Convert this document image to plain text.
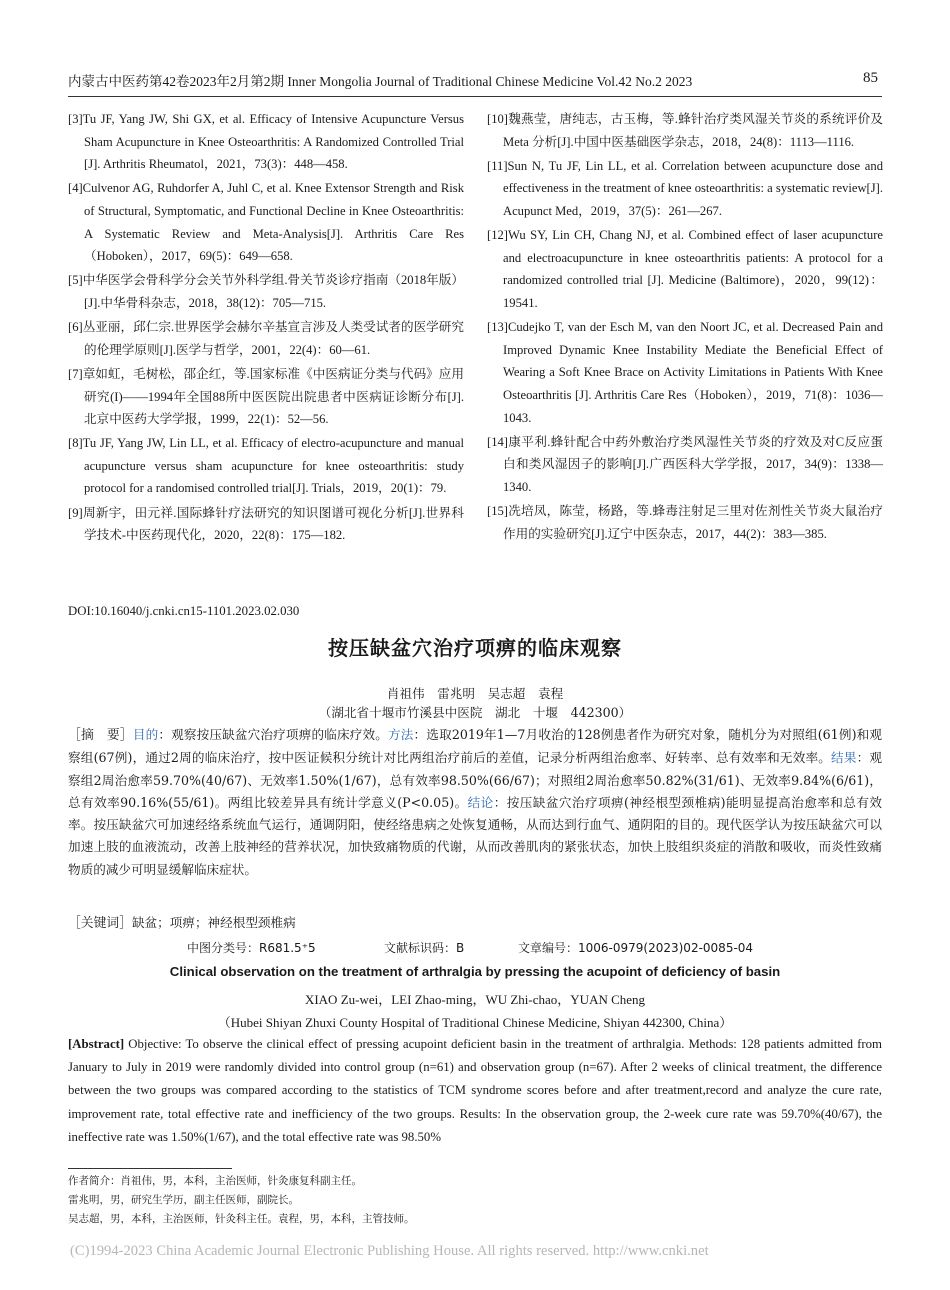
内蒙古中医药第42卷2023年2月第2期 Inner Mongolia Journal of Traditional Chinese Medicine Vol.42 No.2 2023	85

[3]Tu JF, Yang JW, Shi GX, et al. Efficacy of Intensive Acupuncture Versus Sham Acupuncture in Knee Osteoarthritis: A Randomized Controlled Trial [J]. Arthritis Rheumatol，2021，73(3)：448—458.

[4]Culvenor AG, Ruhdorfer A, Juhl C, et al. Knee Extensor Strength and Risk of Structural, Symptomatic, and Functional Decline in Knee Osteoarthritis: A Systematic Review and Meta-Analysis[J]. Arthritis Care Res（Hoboken），2017，69(5)：649—658.

[5]中华医学会骨科学分会关节外科学组.骨关节炎诊疗指南（2018年版）[J].中华骨科杂志，2018，38(12)：705—715.

[6]丛亚丽，邱仁宗.世界医学会赫尔辛基宣言涉及人类受试者的医学研究的伦理学原则[J].医学与哲学，2001，22(4)：60—61.

[7]章如虹，毛树松，邵企红，等.国家标准《中医病证分类与代码》应用研究(I)——1994年全国88所中医医院出院患者中医病证诊断分布[J].北京中医药大学学报，1999，22(1)：52—56.

[8]Tu JF, Yang JW, Lin LL, et al. Efficacy of electro-acupuncture and manual acupuncture versus sham acupuncture for knee osteoarthritis: study protocol for a randomised controlled trial[J]. Trials，2019，20(1)：79.

[9]周新宇，田元祥.国际蜂针疗法研究的知识图谱可视化分析[J].世界科学技术-中医药现代化，2020，22(8)：175—182.

[10]魏燕莹，唐纯志，古玉梅，等.蜂针治疗类风湿关节炎的系统评价及 Meta 分析[J].中国中医基础医学杂志，2018，24(8)：1113—1116.

[11]Sun N, Tu JF, Lin LL, et al. Correlation between acupuncture dose and effectiveness in the treatment of knee osteoarthritis: a systematic review[J]. Acupunct Med，2019，37(5)：261—267.

[12]Wu SY, Lin CH, Chang NJ, et al. Combined effect of laser acupuncture and electroacupuncture in knee osteoarthritis patients: A protocol for a randomized controlled trial [J]. Medicine (Baltimore)，2020，99(12)：19541.

[13]Cudejko T, van der Esch M, van den Noort JC, et al. Decreased Pain and Improved Dynamic Knee Instability Mediate the Beneficial Effect of Wearing a Soft Knee Brace on Activity Limitations in Patients With Knee Osteoarthritis [J]. Arthritis Care Res（Hoboken），2019，71(8)：1036—1043.

[14]康平利.蜂针配合中药外敷治疗类风湿性关节炎的疗效及对C反应蛋白和类风湿因子的影响[J].广西医科大学学报，2017，34(9)：1338—1340.

[15]冼培凤，陈莹，杨路，等.蜂毒注射足三里对佐剂性关节炎大鼠治疗作用的实验研究[J].辽宁中医杂志，2017，44(2)：383—385.

DOI:10.16040/j.cnki.cn15-1101.2023.02.030
按压缺盆穴治疗项痹的临床观察
肖祖伟　雷兆明　吴志超　袁程
（湖北省十堰市竹溪县中医院　湖北　十堰　442300）
［摘　要］目的：观察按压缺盆穴治疗项痹的临床疗效。方法：选取2019年1—7月收治的128例患者作为研究对象，随机分为对照组(61例)和观察组(67例)，通过2周的临床治疗，按中医证候积分统计对比两组治疗前后的差值，记录分析两组治愈率、好转率、总有效率和无效率。结果：观察组2周治愈率59.70%(40/67)、无效率1.50%(1/67)，总有效率98.50%(66/67)；对照组2周治愈率50.82%(31/61)、无效率9.84%(6/61)，总有效率90.16%(55/61)。两组比较差异具有统计学意义(P<0.05)。结论：按压缺盆穴治疗项痹(神经根型颈椎病)能明显提高治愈率和总有效率。按压缺盆穴可加速经络系统血气运行，通调阴阳，使经络患病之处恢复通畅，从而达到行血气、通阴阳的目的。现代医学认为按压缺盆穴可以加速上肢的血液流动，改善上肢神经的营养状况，加快致痛物质的代谢，从而改善肌肉的紧张状态，加快上肢组织炎症的消散和吸收，而炎性致痛物质的减少可明显缓解临床症状。
［关键词］缺盆；项痹；神经根型颈椎病
中图分类号：R681.5⁺5	文献标识码：B	文章编号：1006-0979(2023)02-0085-04
Clinical observation on the treatment of arthralgia by pressing the acupoint of deficiency of basin
XIAO Zu-wei，LEI Zhao-ming，WU Zhi-chao，YUAN Cheng
（Hubei Shiyan Zhuxi County Hospital of Traditional Chinese Medicine, Shiyan 442300, China）
[Abstract] Objective: To observe the clinical effect of pressing acupoint deficient basin in the treatment of arthralgia. Methods: 128 patients admitted from January to July in 2019 were randomly divided into control group (n=61) and observation group (n=67). After 2 weeks of clinical treatment, the difference between the two groups was compared according to the statistics of TCM syndrome scores before and after treatment,record and analyze the cure rate, improvement rate, total effective rate and inefficiency of the two groups. Results: In the observation group, the 2-week cure rate was 59.70%(40/67), the ineffective rate was 1.50%(1/67), and the total effective rate was 98.50%
作者简介：肖祖伟，男，本科，主治医师，针灸康复科副主任。
雷兆明，男，研究生学历，副主任医师，副院长。
吴志超，男，本科，主治医师，针灸科主任。袁程，男，本科，主管技师。
(C)1994-2023 China Academic Journal Electronic Publishing House. All rights reserved. http://www.cnki.net
